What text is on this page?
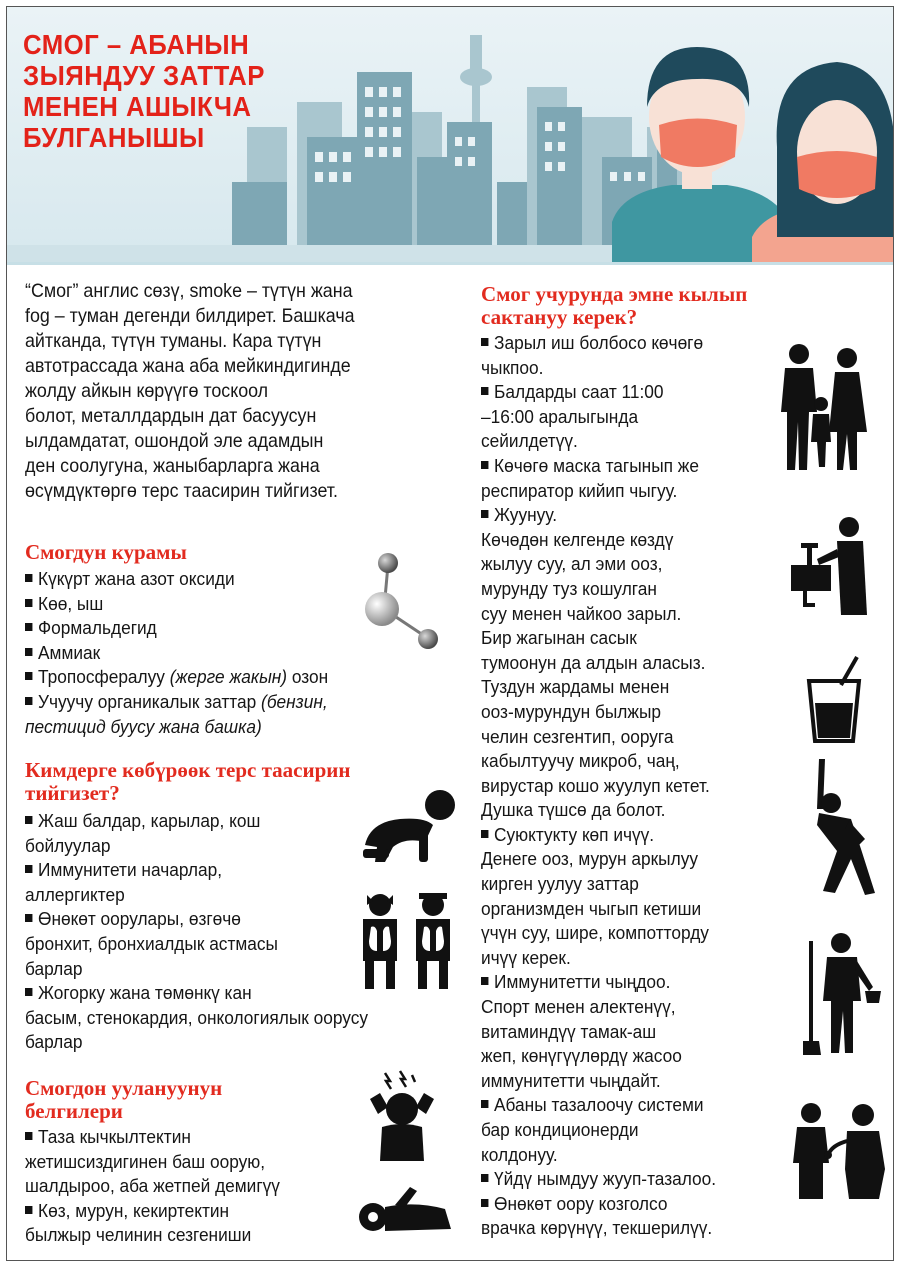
СМОГ – АБАНЫН
ЗЫЯНДУУ ЗАТТАР
МЕНЕН АШЫКЧА
БУЛГАНЫШЫ
“Смог” англис сөзү, smoke – түтүн жана
fog – туман дегенди билдирет. Башкача
айтканда, түтүн туманы. Кара түтүн
автотрассада жана аба мейкиндигинде
жолду айкын көрүүгө тоскоол
болот, металлдардын дат басуусун
ылдамдатат, ошондой эле адамдын
ден соолугуна, жаныбарларга жана
өсүмдүктөргө терс таасирин тийгизет.
Смогдун курамы
Күкүрт жана азот оксиди
Көө, ыш
Формальдегид
Аммиак
Тропосфералуу (жерге жакын) озон
Учуучу органикалык заттар (бензин,
пестицид буусу жана башка)
Кимдерге көбүрөөк терс таасирин
тийгизет?
Жаш балдар, карылар, кош
бойлуулар
Иммунитети начарлар,
аллергиктер
Өнөкөт оорулары, өзгөчө
бронхит, бронхиалдык астмасы
барлар
Жогорку жана төмөнкү кан
басым, стенокардия, онкологиялык оорусу
барлар
Смогдон уулануунун
белгилери
Таза кычкылтектин
жетишсиздигинен баш оорую,
шалдыроо, аба жетпей демигүү
Көз, мурун, кекиртектин
былжыр челинин сезгениши
Смог учурунда эмне кылып
сактануу керек?
Зарыл иш болбосо көчөгө
чыкпоо.
Балдарды саат 11:00
–16:00 аралыгында
сейилдетүү.
Көчөгө маска тагынып же
респиратор кийип чыгуу.
Жуунуу.
Көчөдөн келгенде көздү
жылуу суу, ал эми ооз,
мурунду туз кошулган
суу менен чайкоо зарыл.
Бир жагынан сасык
тумоонун да алдын аласыз.
Туздун жардамы менен
ооз-мурундун былжыр
челин сезгентип, ооруга
кабылтуучу микроб, чаң,
вирустар кошо жуулуп кетет.
Душка түшсө да болот.
Суюктукту көп ичүү.
Денеге ооз, мурун аркылуу
кирген уулуу заттар
организмден чыгып кетиши
үчүн суу, шире, компотторду
ичүү керек.
Иммунитетти чыңдоо.
Спорт менен алектенүү,
витаминдүү тамак-аш
жеп, көнүгүүлөрдү жасоо
иммунитетти чыңдайт.
Абаны тазалоочу системи
бар кондиционерди
колдонуу.
Үйдү нымдуу жууп-тазалоо.
Өнөкөт оору козголсо
врачка көрүнүү, текшерилүү.
